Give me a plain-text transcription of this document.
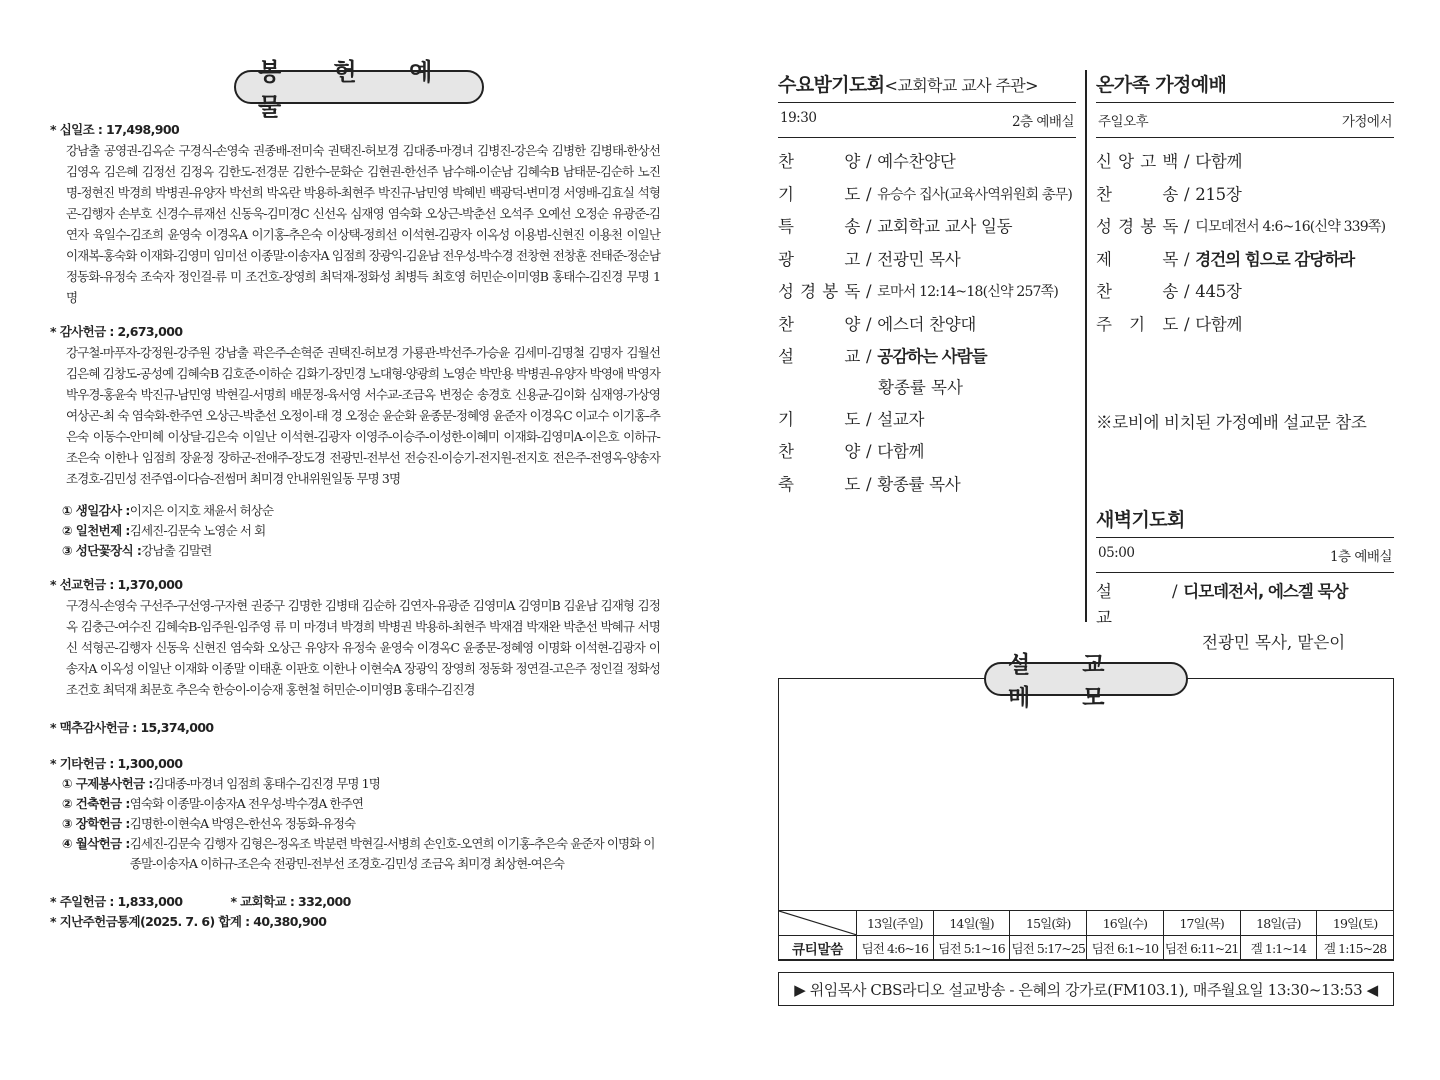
봉 헌 예 물
* 십일조 : 17,498,900
강남출 공영권-김옥순 구경식-손영숙 권종배-전미숙 권택진-허보경 김대종-마경녀 김병진-강은숙 김병한 김병태-한상선 김영옥 김은혜 김정선 김정옥 김한도-전경문 김한수-문화순 김현권-한선주 남수해-이순남 김혜숙B 남태문-김순하 노진명-정현진 박경희 박병권-유양자 박선희 박옥란 박용하-최현주 박진규-남민영 박혜빈 백광덕-변미경 서영배-김효실 석형곤-김행자 손부호 신경수-류재선 신동욱-김미경C 신선옥 심재영 염숙화 오상근-박춘선 오석주 오예선 오정순 유광준-김연자 육일수-김조희 윤영숙 이경옥A 이기홍-추은숙 이상택-정희선 이석현-김광자 이옥성 이용범-신현진 이용천 이일난 이재복-홍숙화 이재화-김영미 임미선 이종말-이송자A 임점희 장광익-김윤남 전우성-박수경 전창현 전창훈 전태준-정순남 정동화-유정숙 조숙자 정인걸-류 미 조건호-장영희 최덕재-정화성 최병득 최호영 허민순-이미영B 홍태수-김진경 무명 1명
* 감사헌금 : 2,673,000
강구철-마푸자-강정원-강주원 강남출 곽은주-손혁준 권택진-허보경 가룡관-박선주-가승윤 김세미-김명철 김명자 김월선 김은혜 김창도-공성예 김혜숙B 김호준-이하순 김화기-장민경 노대형-양광희 노영순 박만용 박병권-유양자 박영애 박영자 박우경-홍윤숙 박진규-남민영 박현길-서명희 배문정-육서영 서수교-조금옥 변정순 송경호 신용균-김이화 심재영-가상영 여상곤-최 숙 염숙화-한주연 오상근-박춘선 오정이-태 경 오정순 윤순화 윤종문-정혜영 윤준자 이경옥C 이교수 이기홍-추은숙 이동수-안미혜 이상달-김은숙 이일난 이석현-김광자 이영주-이승주-이성한-이혜미 이재화-김영미A-이은호 이하규-조은숙 이한나 임점희 장윤정 장하군-전애주-장도경 전광민-전부선 전승진-이승기-전지원-전지호 전은주-전영옥-양송자 조경호-김민성 전주엽-이다슴-전썸머 최미경 안내위원일동 무명 3명
① 생일감사 : 이지은 이지호 채윤서 허상순
② 일천번제 : 김세진-김문숙 노영순 서 회
③ 성단꽃장식 : 강남출 김말련
* 선교헌금 : 1,370,000
구경식-손영숙 구선주-구선영-구자현 권중구 김명한 김병태 김순하 김연자-유광준 김영미A 김영미B 김윤남 김재형 김정옥 김충근-여수진 김혜숙B-임주원-임주영 류 미 마경녀 박경희 박병권 박용하-최현주 박재겸 박재완 박춘선 박혜규 서명신 석형곤-김행자 신동욱 신현진 염숙화 오상근 유양자 유정숙 윤영숙 이경옥C 윤종문-정혜영 이명화 이석현-김광자 이송자A 이옥성 이일난 이재화 이종말 이태훈 이판호 이한나 이현숙A 장광익 장영희 정동화 정연걸-고은주 정인걸 정화성 조건호 최덕재 최문호 추은숙 한승이-이승재 홍현철 허민순-이미영B 홍태수-김진경
* 맥추감사헌금 : 15,374,000
* 기타헌금 : 1,300,000
① 구제봉사헌금 : 김대종-마경녀 임점희 홍태수-김진경 무명 1명
② 건축헌금 : 염숙화 이종말-이송자A 전우성-박수경A 한주연
③ 장학헌금 : 김명한-이현숙A 박영은-한선옥 정동화-유정숙
④ 월삭헌금 : 김세진-김문숙 김행자 김형은-정옥조 박분련 박현길-서병희 손인호-오연희 이기홍-추은숙 윤준자 이명화 이종말-이송자A 이하규-조은숙 전광민-전부선 조경호-김민성 조금옥 최미경 최상현-여은숙
* 주일헌금 : 1,833,000	* 교회학교 : 332,000
* 지난주헌금통계(2025. 7. 6) 합계 : 40,380,900
수요밤기도회<교회학교 교사 주관>
19:30	2층 예배실
찬	양 / 예수찬양단
기	도 / 유승수 집사(교육사역위원회 총무)
특	송 / 교회학교 교사 일동
광	고 / 전광민 목사
성 경 봉 독 / 로마서 12:14~18(신약 257쪽)
찬	양 / 에스더 찬양대
설	교 / 공감하는 사람들
황종률 목사
기	도 / 설교자
찬	양 / 다함께
축	도 / 황종률 목사
온가족 가정예배
주일오후	가정에서
신 앙 고 백 / 다함께
찬	송 / 215장
성 경 봉 독 / 디모데전서 4:6~16(신약 339쪽)
제	목 / 경건의 힘으로 감당하라
찬	송 / 445장
주 기 도 / 다함께
※로비에 비치된 가정예배 설교문 참조
새벽기도회
05:00	1층 예배실
설교
/ 디모데전서, 에스겔 묵상
전광민 목사, 맡은이
설 교 메 모
	13일(주일)	14일(월)	15일(화)	16일(수)	17일(목)	18일(금)	19일(토)
큐티말씀	딤전 4:6~16	딤전 5:1~16	딤전 5:17~25	딤전 6:1~10	딤전 6:11~21	겔 1:1~14	겔 1:15~28
▶ 위임목사 CBS라디오 설교방송 - 은혜의 강가로(FM103.1), 매주월요일 13:30~13:53 ◀
